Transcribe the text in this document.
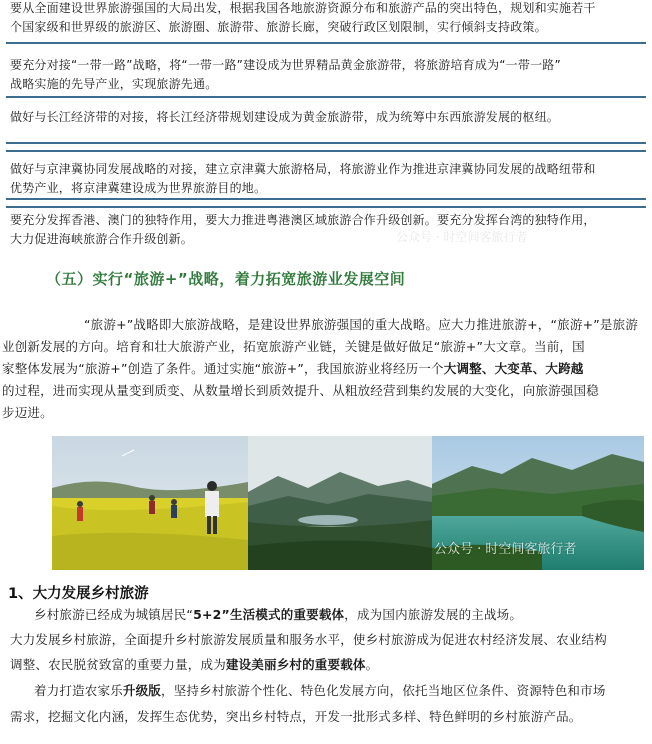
要从全面建设世界旅游强国的大局出发，根据我国各地旅游资源分布和旅游产品的突出特色，规划和实施若干
个国家级和世界级的旅游区、旅游圈、旅游带、旅游长廊，突破行政区划限制，实行倾斜支持政策。
要充分对接“一带一路”战略，将“一带一路”建设成为世界精品黄金旅游带，将旅游培育成为“一带一路”
战略实施的先导产业，实现旅游先通。
做好与长江经济带的对接，将长江经济带规划建设成为黄金旅游带，成为统筹中东西旅游发展的枢纽。
做好与京津冀协同发展战略的对接，建立京津冀大旅游格局，将旅游业作为推进京津冀协同发展的战略纽带和
优势产业，将京津冀建设成为世界旅游目的地。
要充分发挥香港、澳门的独特作用，要大力推进粤港澳区域旅游合作升级创新。要充分发挥台湾的独特作用，
大力促进海峡旅游合作升级创新。	公众号 · 时空间客旅行者
（五）实行“旅游+”战略，着力拓宽旅游业发展空间
“旅游+”战略即大旅游战略，是建设世界旅游强国的重大战略。应大力推进旅游+，“旅游+”是旅游
业创新发展的方向。培育和壮大旅游产业，拓宽旅游产业链，关键是做好做足“旅游+”大文章。当前，国
家整体发展为“旅游+”创造了条件。通过实施“旅游+”，我国旅游业将经历一个大调整、大变革、大跨越
的过程，进而实现从量变到质变、从数量增长到质效提升、从粗放经营到集约发展的大变化，向旅游强国稳
步迈进。
公众号 · 时空间客旅行者
1、大力发展乡村旅游
乡村旅游已经成为城镇居民“5+2”生活模式的重要载体，成为国内旅游发展的主战场。
大力发展乡村旅游，全面提升乡村旅游发展质量和服务水平，使乡村旅游成为促进农村经济发展、农业结构
调整、农民脱贫致富的重要力量，成为建设美丽乡村的重要载体。
着力打造农家乐升级版，坚持乡村旅游个性化、特色化发展方向，依托当地区位条件、资源特色和市场
需求，挖掘文化内涵，发挥生态优势，突出乡村特点，开发一批形式多样、特色鲜明的乡村旅游产品。
